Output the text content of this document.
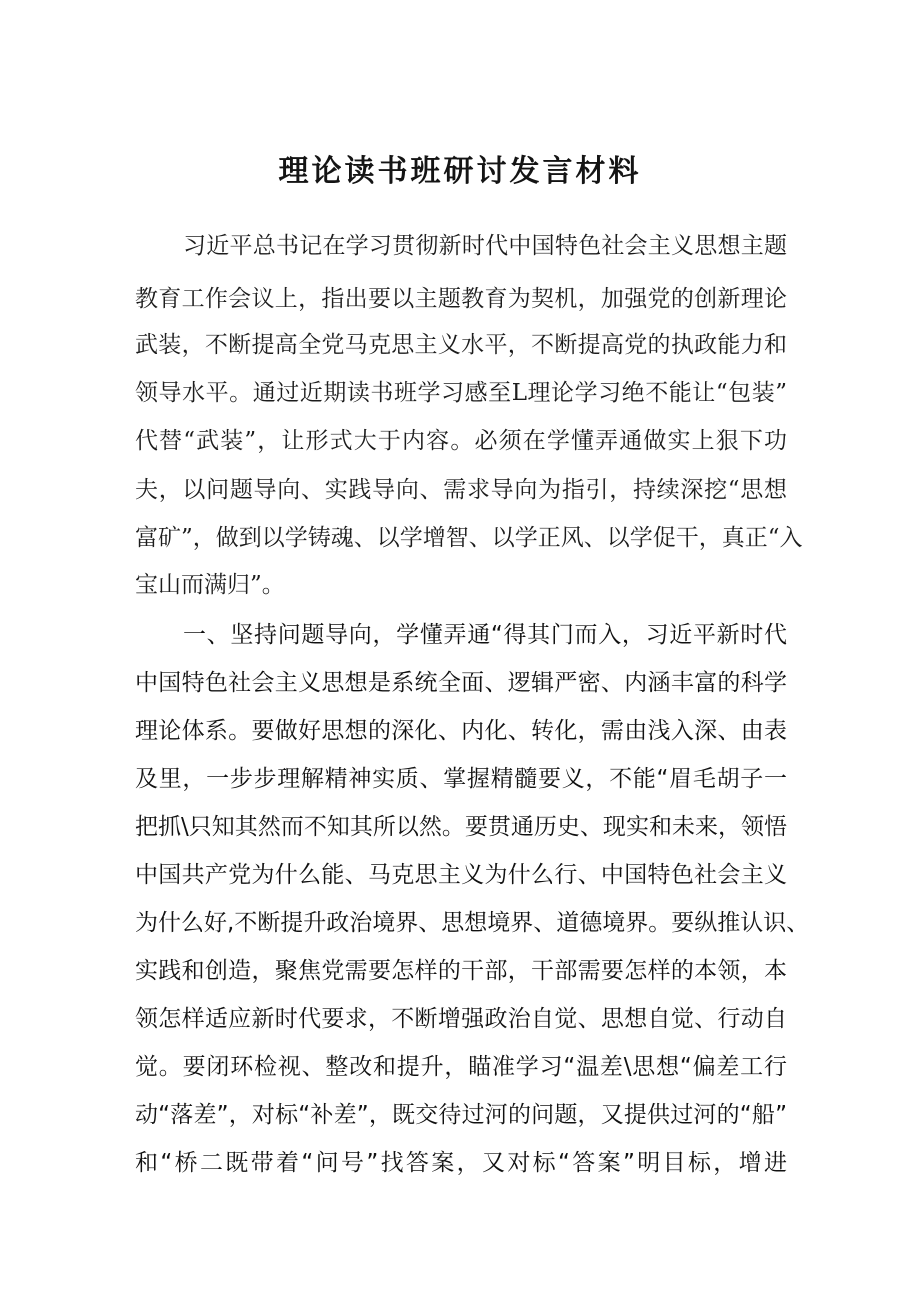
理论读书班研讨发言材料

习近平总书记在学习贯彻新时代中国特色社会主义思想主题

教育工作会议上，指出要以主题教育为契机，加强党的创新理论

武装，不断提高全党马克思主义水平，不断提高党的执政能力和

领导水平。通过近期读书班学习感至L理论学习绝不能让“包装”

代替“武装”，让形式大于内容。必须在学懂弄通做实上狠下功

夫，以问题导向、实践导向、需求导向为指引，持续深挖“思想

富矿”，做到以学铸魂、以学增智、以学正风、以学促干，真正“入

宝山而满归”。

一、坚持问题导向，学懂弄通“得其门而入，习近平新时代

中国特色社会主义思想是系统全面、逻辑严密、内涵丰富的科学

理论体系。要做好思想的深化、内化、转化，需由浅入深、由表

及里，一步步理解精神实质、掌握精髓要义，不能“眉毛胡子一

把抓\只知其然而不知其所以然。要贯通历史、现实和未来，领悟

中国共产党为什么能、马克思主义为什么行、中国特色社会主义

为什么好,不断提升政治境界、思想境界、道德境界。要纵推认识、

实践和创造，聚焦党需要怎样的干部，干部需要怎样的本领，本

领怎样适应新时代要求，不断增强政治自觉、思想自觉、行动自

觉。要闭环检视、整改和提升，瞄准学习“温差\思想“偏差工行

动“落差”，对标“补差”，既交待过河的问题，又提供过河的“船”

和“桥二既带着“问号”找答案，又对标“答案”明目标，增进
